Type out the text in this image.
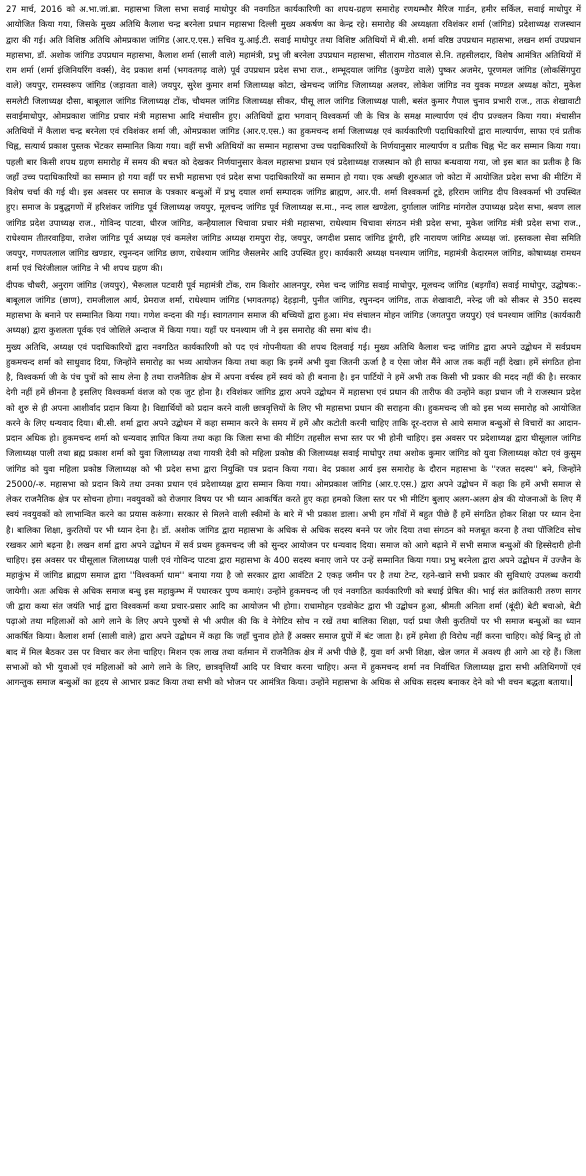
27 मार्च, 2016 को अ.भा.जां.ब्रा. महासभा जिला सभा सवाई माधोपुर की नवगठित कार्यकारिणी का शपथ-ग्रहण समारोह रणथम्भौर मैरिज गार्डन, हमीर सर्किल, सवाई माधोपुर में आयोजित किया गया, जिसके मुख्य अतिथि कैलाश चन्द्र बरनेला प्रधान महासभा दिल्ली मुख्य अकर्षण का केन्द्र रहे। समारोह की अध्यक्षता रविशंकर शर्मा (जांगिड) प्रदेशाध्यक्ष राजस्थान द्वारा की गई। अति विशिष्ठ अतिथि ओमप्रकाश जांगिड (आर.ए.एस.) सचिव यु.आई.टी. सवाई माधोपुर तथा विशिष्ट अतिथियों में बी.सी. शर्मा वरिष्ठ उपप्रधान महासभा, लखन शर्मा उपप्रधान महासभा, डॉ. अशोक जांगिड उपप्रधान महासभा, कैलाश शर्मा (साली वाले) महामंत्री, प्रभु जी बरनेला उपप्रधान महासभा, सीताराम गोठवाल से.नि. तहसीलदार, विशेष आमंत्रित अतिथियों में राम शर्मा (शर्मा इंजिनियरिंग वर्क्स), वेद प्रकाश शर्मा (भगवतगढ़ वाले) पूर्व उपप्रधान प्रदेश सभा राज., शम्भूदयाल जांगिड (कुण्डेरा वाले) पुष्कर अजमेर, पूरणमल जांगिड (लोकसिंगपुरा वाले) जयपुर, रामस्वरूप जांगिड (जड़ावता वाले) जयपुर, सुरेश कुमार शर्मा जिलाध्यक्ष कोटा, खेमचन्द जांगिड जिलाध्यक्ष अलवर, लोकेश जांगिड नव युवक मण्डल अध्यक्ष कोटा, मुकेश समलेटी जिलाध्यक्ष दौसा, बाबूलाल जांगिड जिलाध्यक्ष टोंक, चौथमल जांगिड जिलाध्यक्ष सीकर, घीसू लाल जांगिड जिलाध्यक्ष पाली, बसंत कुमार गैपाल चुनाव प्रभारी राज., ताऊ शेखावाटी सवाईमाधोपुर, ओमप्रकाश जांगिड प्रचार मंत्री महासभा आदि मंचासीन हुए। अतिथियों द्वारा भगवान् विश्वकर्मा जी के चित्र के समक्ष माल्यार्पण एवं दीप प्रज्वलन किया गया। मंचासीन अतिथियों में कैलाश चन्द्र बरनेला एवं रविशंकर शर्मा जी, ओमप्रकाश जांगिड (आर.ए.एस.) का हुकमचन्द शर्मा जिलाध्यक्ष एवं कार्यकारिणी पदाधिकारियों द्वारा माल्यार्पण, साफा एवं प्रतीक चिह्न, सत्यार्थ प्रकाश पुस्तक भेंटकर सम्मानित किया गया। वहीं सभी अतिथियों का सम्मान महासभा उच्च पदाधिकारियों के निर्णयानुसार माल्यार्पण व प्रतीक चिह्न भेंट कर सम्मान किया गया। पहली बार किसी शपथ ग्रहण समारोह में समय की बचत को देखकर निर्णयानुसार केवल महासभा प्रधान एवं प्रदेशाध्यक्ष राजस्थान को ही साफा बन्धवाया गया, जो इस बात का प्रतीक है कि जहाँ उच्च पदाधिकारियों का सम्मान हो गया वहीं पर सभी महासभा एवं प्रदेश सभा पदाधिकारियों का सम्मान हो गया। एक अच्छी शुरुआत जो कोटा में आयोजित प्रदेश सभा की मीटिंग में विशेष चर्चा की गई थी। इस अवसर पर समाज के पत्रकार बन्धुओं में प्रभु दयाल शर्मा सम्पादक जांगिड ब्राह्मण, आर.पी. शर्मा विश्वकर्मा टूडे, हरिराम जांगिड दीप विश्वकर्मा भी उपस्थित हुए। समाज के प्रबुद्धगणों में हरिशंकर जांगिड पूर्व जिलाध्यक्ष जयपुर, मूलचन्द जांगिड पूर्व जिलाध्यक्ष स.मा., नन्द लाल खण्डेला, दुर्गालाल जांगिड मांगरोल उपाध्यक्ष प्रदेश सभा, श्रवण लाल जांगिड प्रदेश उपाध्यक्ष राज., गोविन्द पाटवा, धीरज जांगिड, कन्हैयालाल चिचावा प्रचार मंत्री महासभा, राधेश्याम चिचावा संगठन मंत्री प्रदेश सभा, मुकेश जांगिड मंत्री प्रदेश सभा राज., राधेश्याम तीतरवाड़िया, राजेश जांगिड पूर्व अध्यक्ष एवं कमलेश जांगिड अध्यक्ष रामपुरा रोड़, जयपुर, जगदीश प्रसाद जांगिड डूंगरी, हरि नारायण जांगिड अध्यक्ष जां. हस्तकला सेवा समिति जयपुर, गणपतलाल जांगिड खण्डार, रघुनन्दन जांगिड छाण, राधेश्याम जांगिड जैसलमेर आदि उपस्थित हुए। कार्यकारी अध्यक्ष घनश्याम जांगिड, महामंत्री केदारमल जांगिड, कोषाध्यक्ष रामधन शर्मा एवं चिरंजीलाल जांगिड ने भी शपथ ग्रहण की।

दीपक चौधरी, अनुराग जांगिड (जयपुर), भैरूलाल पटवारी पूर्व महामंत्री टोंक, राम किशोर आलनपुर, रमेश चन्द जांगिड सवाई माधोपुर, मूलचन्द जांगिड (बड़गाँव) सवाई माधोपुर, उद्घोषक:-बाबूलाल जांगिड (छाण), रामजीलाल आर्य, प्रेमराज शर्मा, राधेश्याम जांगिड (भगवतगढ़) देहड़ानी, पुनीत जांगिड, रघुनन्दन जांगिड, ताऊ शेखावाटी, नरेन्द्र जी को सीकर से 350 सदस्य महासभा के बनाने पर सम्मानित किया गया। गणेश वन्दना की गई। स्वागतगान समाज की बच्चियों द्वारा हुआ। मंच संचालन मोहन जांगिड (जगतपुरा जयपुर) एवं घनश्याम जांगिड (कार्यकारी अध्यक्ष) द्वारा कुशलता पूर्वक एवं जोशिले अन्दाज में किया गया। यहाँ पर घनश्याम जी ने इस समारोह की समा बांध दी।

मुख्य अतिथि, अध्यक्ष एवं पदाधिकारियों द्वारा नवगठित कार्यकारिणी को पद एवं गोपनीयता की शपथ दिलवाई गई। मुख्य अतिथि कैलाश चन्द्र जांगिड द्वारा अपने उद्बोधन में सर्वप्रथम हुकमचन्द शर्मा को साधुवाद दिया, जिन्होंने समारोह का भव्य आयोजन किया तथा कहा कि इनमें अभी युवा जितनी ऊर्जा है व ऐसा जोश मैंने आज तक कहीं नहीं देखा। हमें संगठित होना है, विश्वकर्मा जी के पंच पुत्रों को साथ लेना है तथा राजनैतिक क्षेत्र में अपना वर्चस्व हमें स्वयं को ही बनाना है। इन पार्टियों ने हमें अभी तक किसी भी प्रकार की मदद नहीं की है। सरकार देगी नहीं हमें छीनना है इसलिए विश्वकर्मा वंशज को एक जुट होना है। रविशंकर जांगिड द्वारा अपने उद्बोधन में महासभा एवं प्रधान की तारीफ की उन्होंने कहा प्रधान जी ने राजस्थान प्रदेश को शुरु से ही अपना आशीर्वाद प्रदान किया है। विद्यार्थियों को प्रदान करने वाली छात्रवृत्तियों के लिए भी महासभा प्रधान की सराहना की। हुकमचन्द जी को इस भव्य समारोह को आयोजित करने के लिए धन्यवाद दिया। बी.सी. शर्मा द्वारा अपने उद्बोधन में कहा सम्मान करने के समय में हमें और कटोती करनी चाहिए ताकि दूर-दराज से आये समाज बन्धुओं से विचारों का आदान-प्रदान अधिक हो। हुकमचन्द शर्मा को धन्यवाद ज्ञापित किया तथा कहा कि जिला सभा की मीटिंग तहसील सभा स्तर पर भी होनी चाहिए। इस अवसर पर प्रदेशाध्यक्ष द्वारा घीसूलाल जांगिड जिलाध्यक्ष पाली तथा ब्रह्म प्रकाश शर्मा को युवा जिलाध्यक्ष तथा गायत्री देवी को महिला प्रकोष्ठ की जिलाध्यक्ष सवाई माधोपुर तथा अशोक कुमार जांगिड को युवा जिलाध्यक्ष कोटा एवं कुसुम जांगिड को युवा महिला प्रकोष्ठ जिलाध्यक्ष को भी प्रदेश सभा द्वारा नियुक्ति पत्र प्रदान किया गया। वेद प्रकाश आर्य इस समारोह के दौरान महासभा के ''रजत सदस्य'' बने, जिन्होंने 25000/-रु. महासभा को प्रदान किये तथा उनका प्रधान एवं प्रदेशाध्यक्ष द्वारा सम्मान किया गया। ओमप्रकाश जांगिड (आर.ए.एस.) द्वारा अपने उद्बोधन में कहा कि हमें अभी समाज से लेकर राजनैतिक क्षेत्र पर सोचना होगा। नवयुवकों को रोजगार विषय पर भी ध्यान आकर्षित करते हुए कहा हमको जिला स्तर पर भी मीटिंग बुलाए अलग-अलग क्षेत्र की योजनाओं के लिए मैं स्वयं नवयुवकों को लाभान्वित करने का प्रयास करूंगा। सरकार से मिलने वाली स्कीमों के बारे में भी प्रकाश डाला। अभी हम गाँवों में बहुत पीछे हैं हमें संगठित होकर शिक्षा पर ध्यान देना है। बालिका शिक्षा, कुरतियों पर भी ध्यान देना है। डॉ. अशोक जांगिड द्वारा महासभा के अधिक से अधिक सदस्य बनने पर जोर दिया तथा संगठन को मजबूत करना है तथा पॉजिटिव सोच रखकर आगे बढ़ना है। लखन शर्मा द्वारा अपने उद्बोधन में सर्व प्रथम हुकमचन्द जी को सुन्दर आयोजन पर धन्यवाद दिया। समाज को आगे बढ़ाने में सभी समाज बन्धुओं की हिस्सेदारी होनी चाहिए। इस अवसर पर घीसूलाल जिलाध्यक्ष पाली एवं गोविन्द पाटवा द्वारा महासभा के 400 सदस्य बनाए जाने पर उन्हें सम्मानित किया गया। प्रभु बरनेला द्वारा अपने उद्बोधन में उज्जैन के महाकुंभ में जांगिड ब्राह्मण समाज द्वारा ''विश्वकर्मा धाम'' बनाया गया है जो सरकार द्वारा आवंटित 2 एकड़ जमीन पर है तथा टेन्ट, रहने-खाने सभी प्रकार की सुविधाएं उपलब्ध करायी जायेगी। अतः अधिक से अधिक समाज बन्धु इस महाकुम्भ में पधारकर पुण्य कमाएं। उन्होंने हुकमचन्द जी एवं नवगठित कार्यकारिणी को बधाई प्रेषित की। भाई संत क्रांतिकारी तरुण सागर जी द्वारा कथा संत जयंति भाई द्वारा विश्वकर्मा कथा प्रचार-प्रसार आदि का आयोजन भी होगा। राधामोहन एडवोकेट द्वारा भी उद्बोधन हुआ, श्रीमती अनिता शर्मा (बूंदी) बेटी बचाओ, बेटी पढ़ाओ तथा महिलाओं को आगे लाने के लिए अपने पुरुषों से भी अपील की कि वे नेगेटिव सोच न रखें तथा बालिका शिक्षा, पर्दा प्रथा जैसी कुरतियों पर भी समाज बन्धुओं का ध्यान आकर्षित किया। कैलाश शर्मा (साली वाले) द्वारा अपने उद्बोधन में कहा कि जहाँ चुनाव होते हैं अक्सर समाज ग्रुपों में बंट जाता है। हमें हमेशा ही विरोध नहीं करना चाहिए। कोई बिन्दु हो तो बाद में मिल बैठकर उस पर विचार कर लेना चाहिए। मिशन एक लाख तथा वर्तमान में राजनैतिक क्षेत्र में अभी पीछे हैं, युवा वर्ग अभी शिक्षा, खेल जगत में अवश्य ही आगे आ रहे हैं। जिला सभाओं को भी युवाओं एवं महिलाओं को आगे लाने के लिए, छात्रवृत्तियाँ आदि पर विचार करना चाहिए। अन्त में हुकमचन्द शर्मा नव निर्वाचित जिलाध्यक्ष द्वारा सभी अतिथिगणों एवं आगन्तुक समाज बन्धुओं का हृदय से आभार प्रकट किया तथा सभी को भोजन पर आमंत्रित किया। उन्होंने महासभा के अधिक से अधिक सदस्य बनाकर देने को भी वचन बद्धता बताया।
